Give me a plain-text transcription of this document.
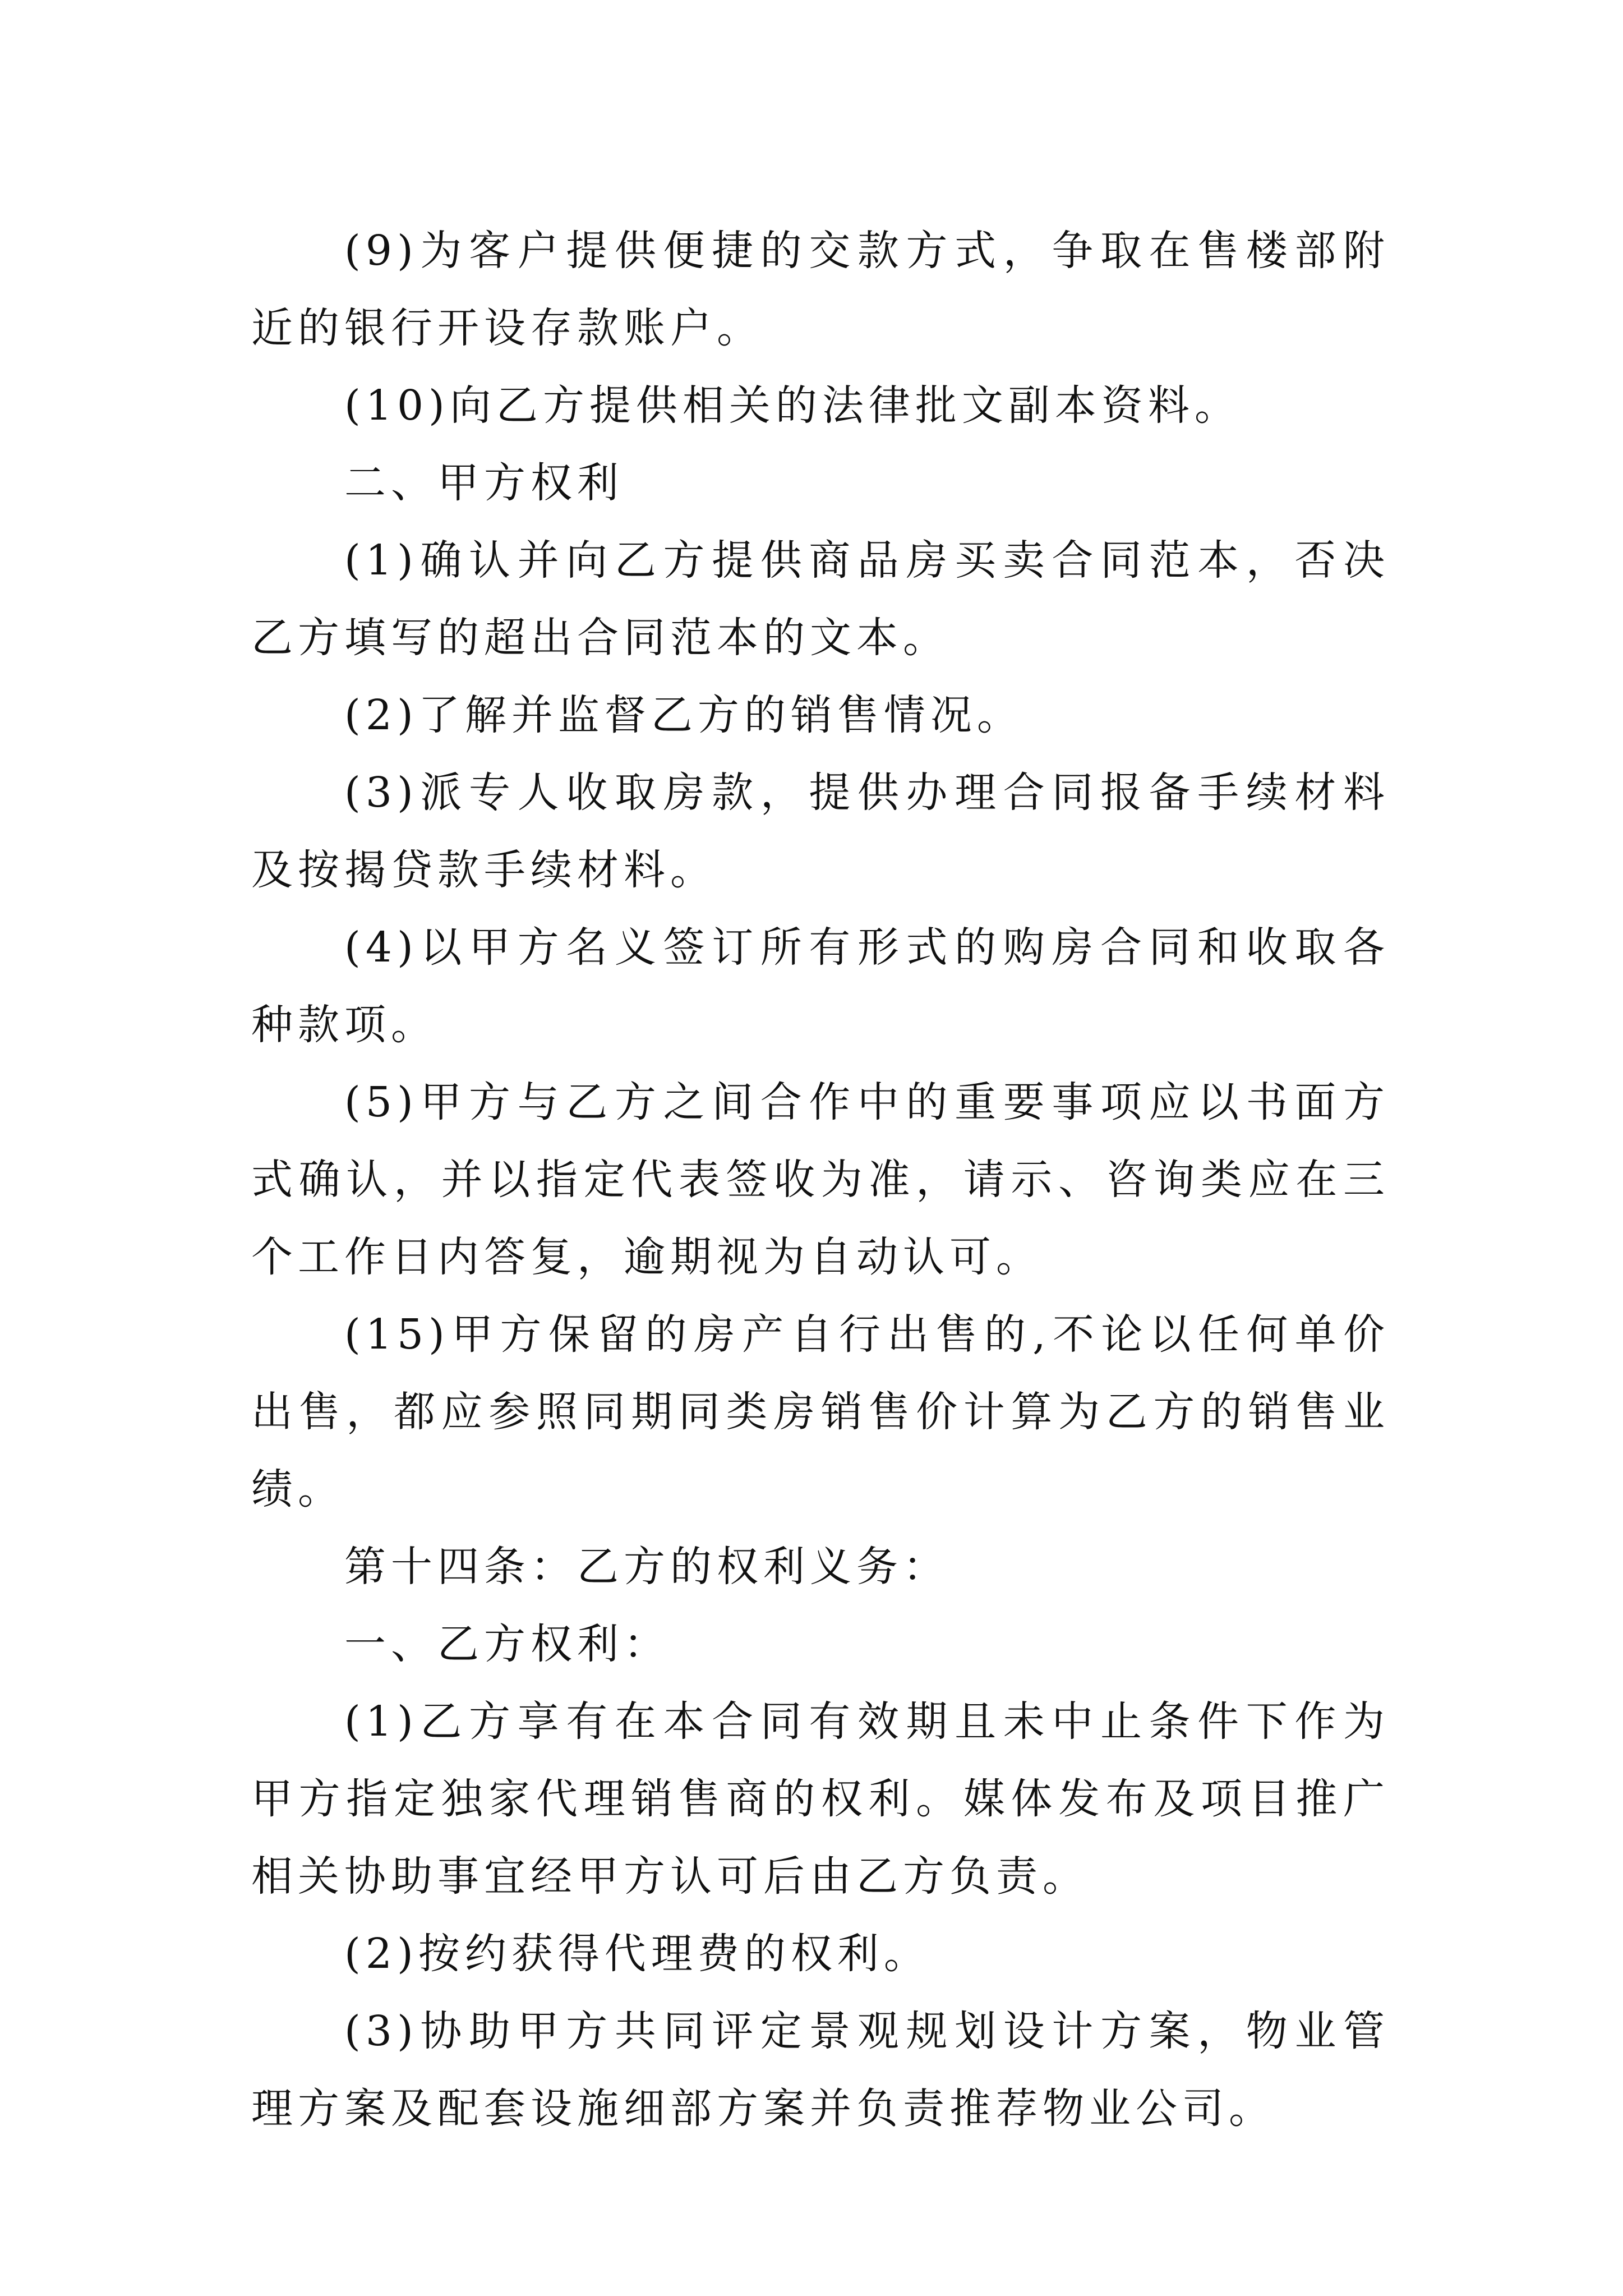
(9)为客户提供便捷的交款方式，争取在售楼部附近的银行开设存款账户。

(10)向乙方提供相关的法律批文副本资料。

二、甲方权利

(1)确认并向乙方提供商品房买卖合同范本，否决乙方填写的超出合同范本的文本。

(2)了解并监督乙方的销售情况。

(3)派专人收取房款，提供办理合同报备手续材料及按揭贷款手续材料。

(4)以甲方名义签订所有形式的购房合同和收取各种款项。

(5)甲方与乙方之间合作中的重要事项应以书面方式确认，并以指定代表签收为准，请示、咨询类应在三个工作日内答复，逾期视为自动认可。

(15)甲方保留的房产自行出售的,不论以任何单价出售，都应参照同期同类房销售价计算为乙方的销售业绩。

第十四条：乙方的权利义务：

一、乙方权利：

(1)乙方享有在本合同有效期且未中止条件下作为甲方指定独家代理销售商的权利。媒体发布及项目推广相关协助事宜经甲方认可后由乙方负责。

(2)按约获得代理费的权利。

(3)协助甲方共同评定景观规划设计方案，物业管理方案及配套设施细部方案并负责推荐物业公司。
